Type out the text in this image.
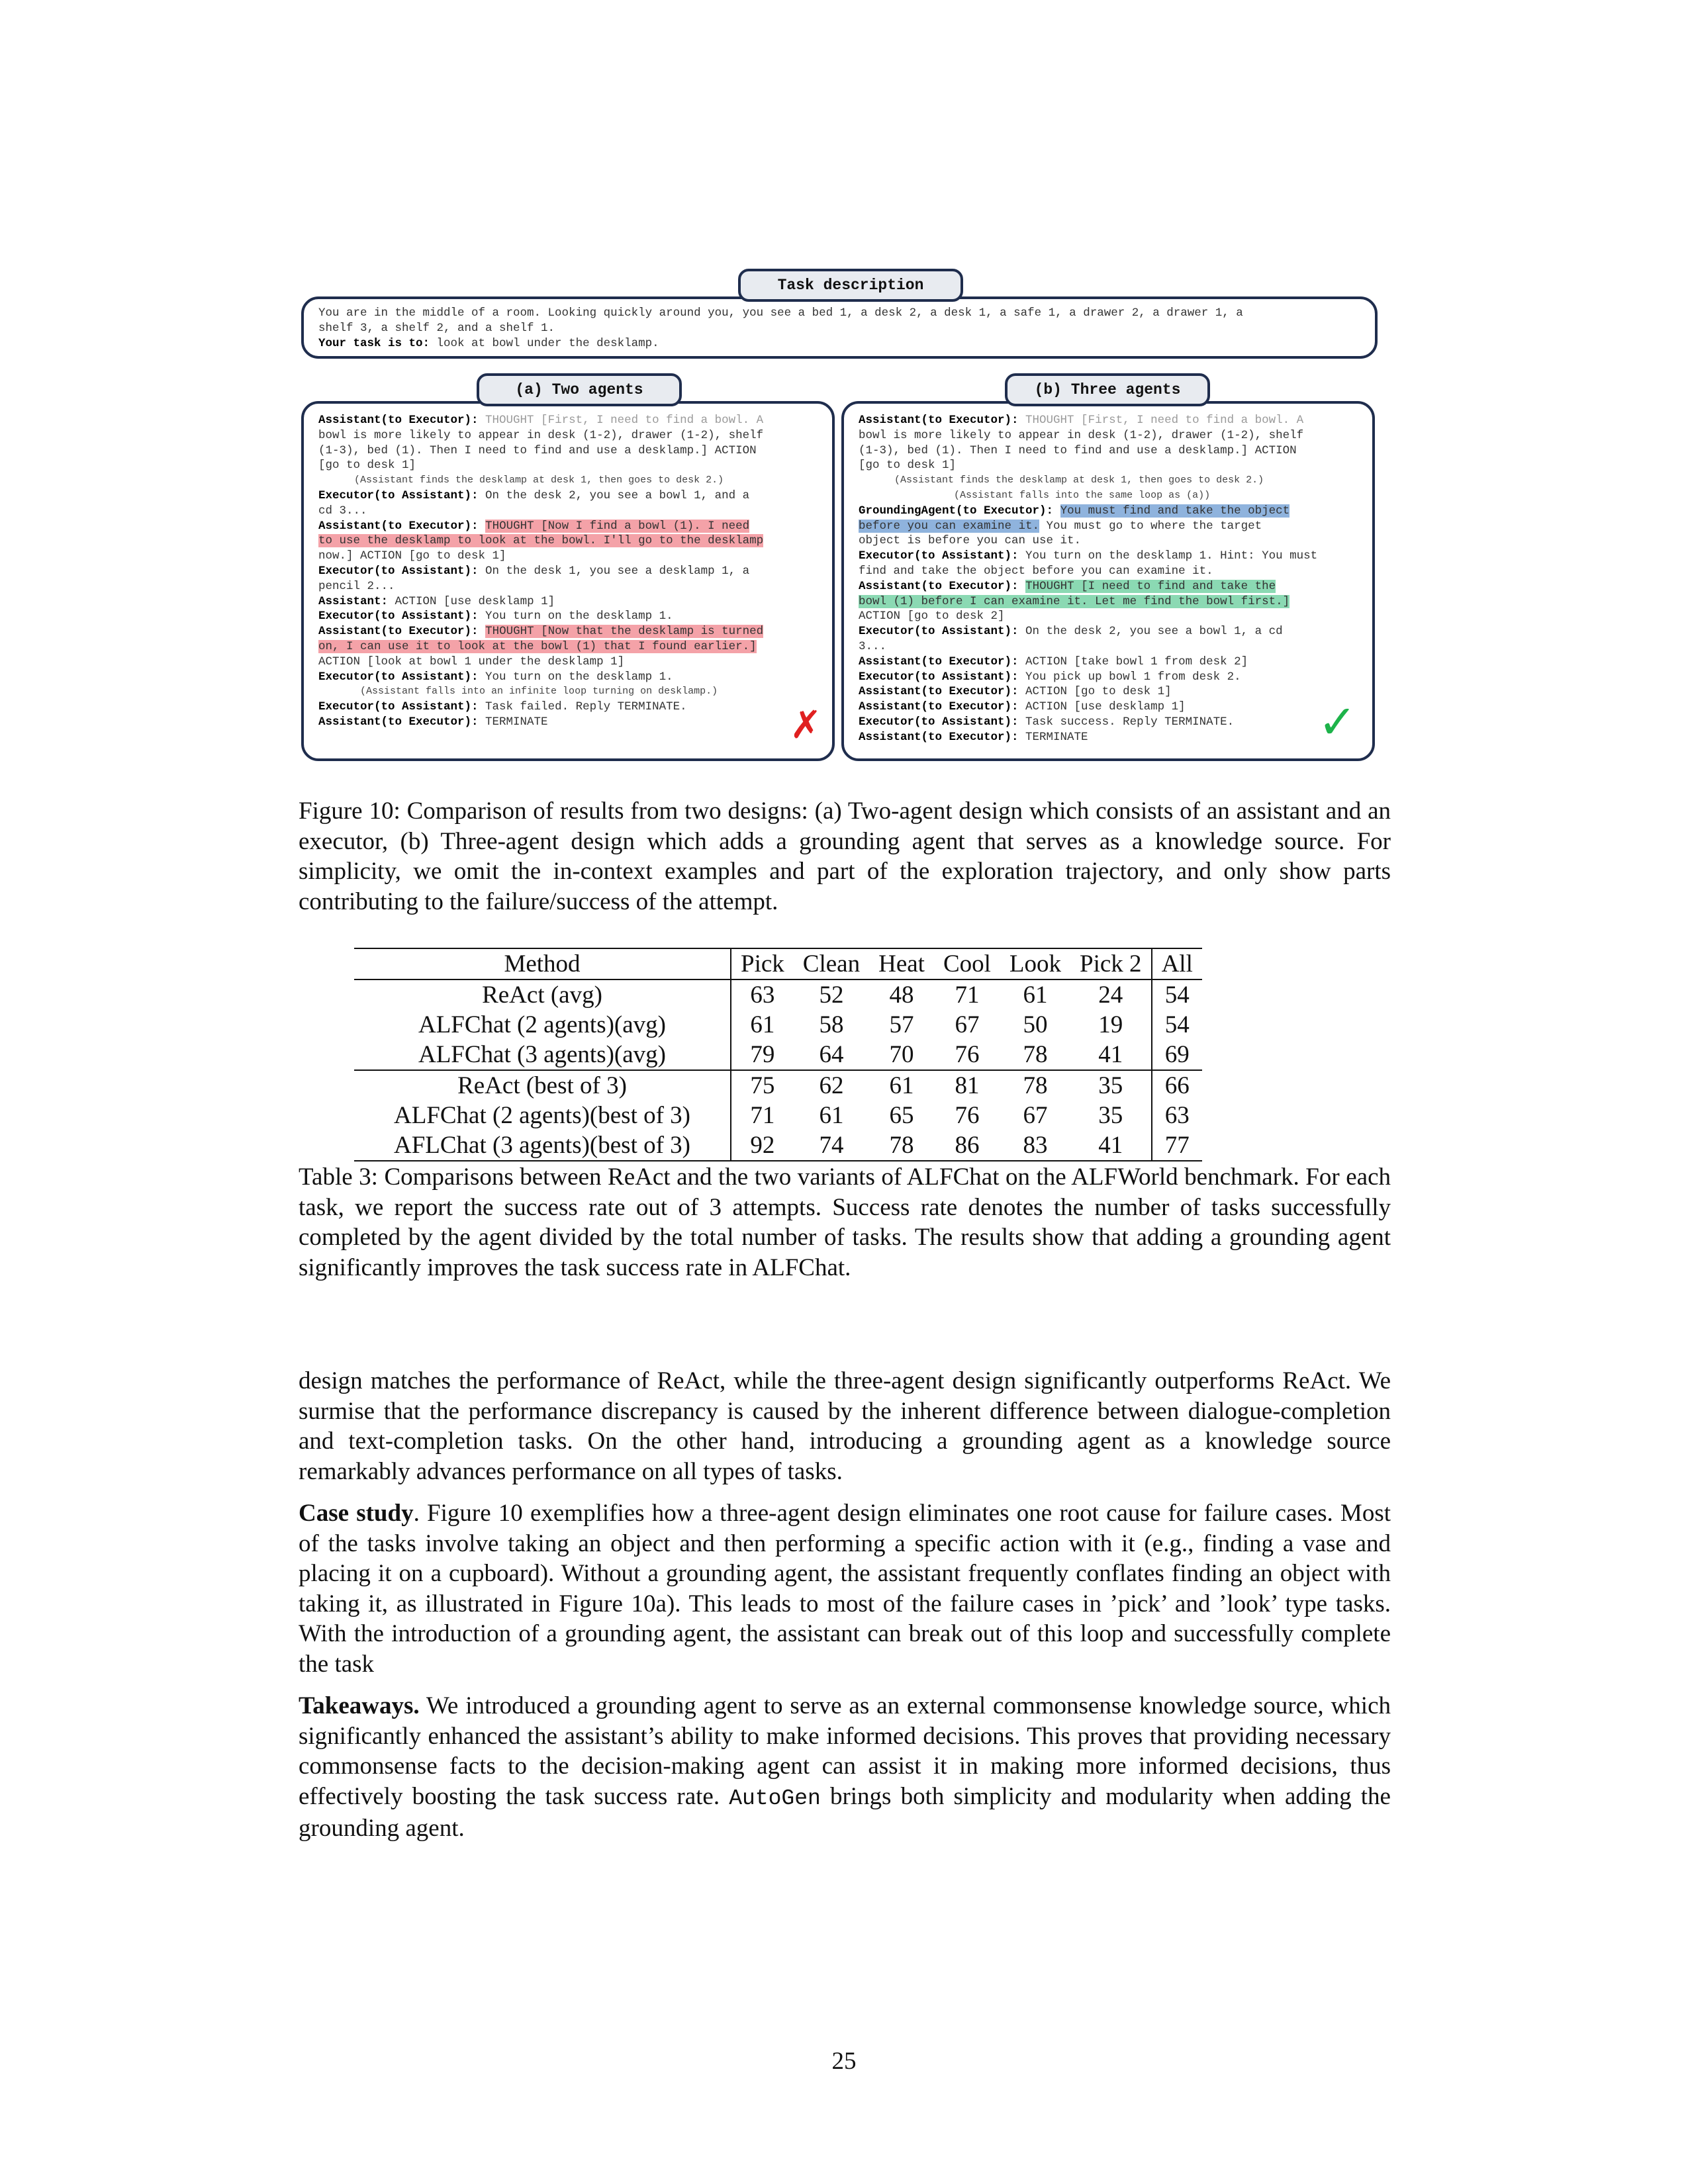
Task description
You are in the middle of a room. Looking quickly around you, you see a bed 1, a desk 2, a desk 1, a safe 1, a drawer 2, a drawer 1, a
shelf 3, a shelf 2, and a shelf 1.
Your task is to: look at bowl under the desklamp.
(a) Two agents
Assistant(to Executor): THOUGHT [First, I need to find a bowl. A
bowl is more likely to appear in desk (1-2), drawer (1-2), shelf
(1-3), bed (1). Then I need to find and use a desklamp.] ACTION
[go to desk 1]
(Assistant finds the desklamp at desk 1, then goes to desk 2.)
Executor(to Assistant): On the desk 2, you see a bowl 1, and a
cd 3...
Assistant(to Executor): THOUGHT [Now I find a bowl (1). I need
to use the desklamp to look at the bowl. I'll go to the desklamp
now.] ACTION [go to desk 1]
Executor(to Assistant): On the desk 1, you see a desklamp 1, a
pencil 2...
Assistant: ACTION [use desklamp 1]
Executor(to Assistant): You turn on the desklamp 1.
Assistant(to Executor): THOUGHT [Now that the desklamp is turned
on, I can use it to look at the bowl (1) that I found earlier.]
ACTION [look at bowl 1 under the desklamp 1]
Executor(to Assistant): You turn on the desklamp 1.
(Assistant falls into an infinite loop turning on desklamp.)
Executor(to Assistant): Task failed. Reply TERMINATE.
Assistant(to Executor): TERMINATE	✗
(b) Three agents
Assistant(to Executor): THOUGHT [First, I need to find a bowl. A
bowl is more likely to appear in desk (1-2), drawer (1-2), shelf
(1-3), bed (1). Then I need to find and use a desklamp.] ACTION
[go to desk 1]
(Assistant finds the desklamp at desk 1, then goes to desk 2.)
(Assistant falls into the same loop as (a))
GroundingAgent(to Executor): You must find and take the object
before you can examine it. You must go to where the target
object is before you can use it.
Executor(to Assistant): You turn on the desklamp 1. Hint: You must
find and take the object before you can examine it.
Assistant(to Executor): THOUGHT [I need to find and take the
bowl (1) before I can examine it. Let me find the bowl first.]
ACTION [go to desk 2]
Executor(to Assistant): On the desk 2, you see a bowl 1, a cd
3...
Assistant(to Executor): ACTION [take bowl 1 from desk 2]
Executor(to Assistant): You pick up bowl 1 from desk 2.
Assistant(to Executor): ACTION [go to desk 1]
Assistant(to Executor): ACTION [use desklamp 1]
Executor(to Assistant): Task success. Reply TERMINATE.
Assistant(to Executor): TERMINATE	✓
Figure 10: Comparison of results from two designs: (a) Two-agent design which consists of an assistant and an executor, (b) Three-agent design which adds a grounding agent that serves as a knowledge source. For simplicity, we omit the in-context examples and part of the exploration trajectory, and only show parts contributing to the failure/success of the attempt.
Method	Pick	Clean	Heat	Cool	Look	Pick 2	All
ReAct (avg)	63	52	48	71	61	24	54
ALFChat (2 agents)(avg)	61	58	57	67	50	19	54
ALFChat (3 agents)(avg)	79	64	70	76	78	41	69
ReAct (best of 3)	75	62	61	81	78	35	66
ALFChat (2 agents)(best of 3)	71	61	65	76	67	35	63
AFLChat (3 agents)(best of 3)	92	74	78	86	83	41	77
Table 3: Comparisons between ReAct and the two variants of ALFChat on the ALFWorld benchmark. For each task, we report the success rate out of 3 attempts. Success rate denotes the number of tasks successfully completed by the agent divided by the total number of tasks. The results show that adding a grounding agent significantly improves the task success rate in ALFChat.
design matches the performance of ReAct, while the three-agent design significantly outperforms ReAct. We surmise that the performance discrepancy is caused by the inherent difference between dialogue-completion and text-completion tasks. On the other hand, introducing a grounding agent as a knowledge source remarkably advances performance on all types of tasks.
Case study. Figure 10 exemplifies how a three-agent design eliminates one root cause for failure cases. Most of the tasks involve taking an object and then performing a specific action with it (e.g., finding a vase and placing it on a cupboard). Without a grounding agent, the assistant frequently conflates finding an object with taking it, as illustrated in Figure 10a). This leads to most of the failure cases in ’pick’ and ’look’ type tasks. With the introduction of a grounding agent, the assistant can break out of this loop and successfully complete the task
Takeaways. We introduced a grounding agent to serve as an external commonsense knowledge source, which significantly enhanced the assistant’s ability to make informed decisions. This proves that providing necessary commonsense facts to the decision-making agent can assist it in making more informed decisions, thus effectively boosting the task success rate. AutoGen brings both simplicity and modularity when adding the grounding agent.
25
